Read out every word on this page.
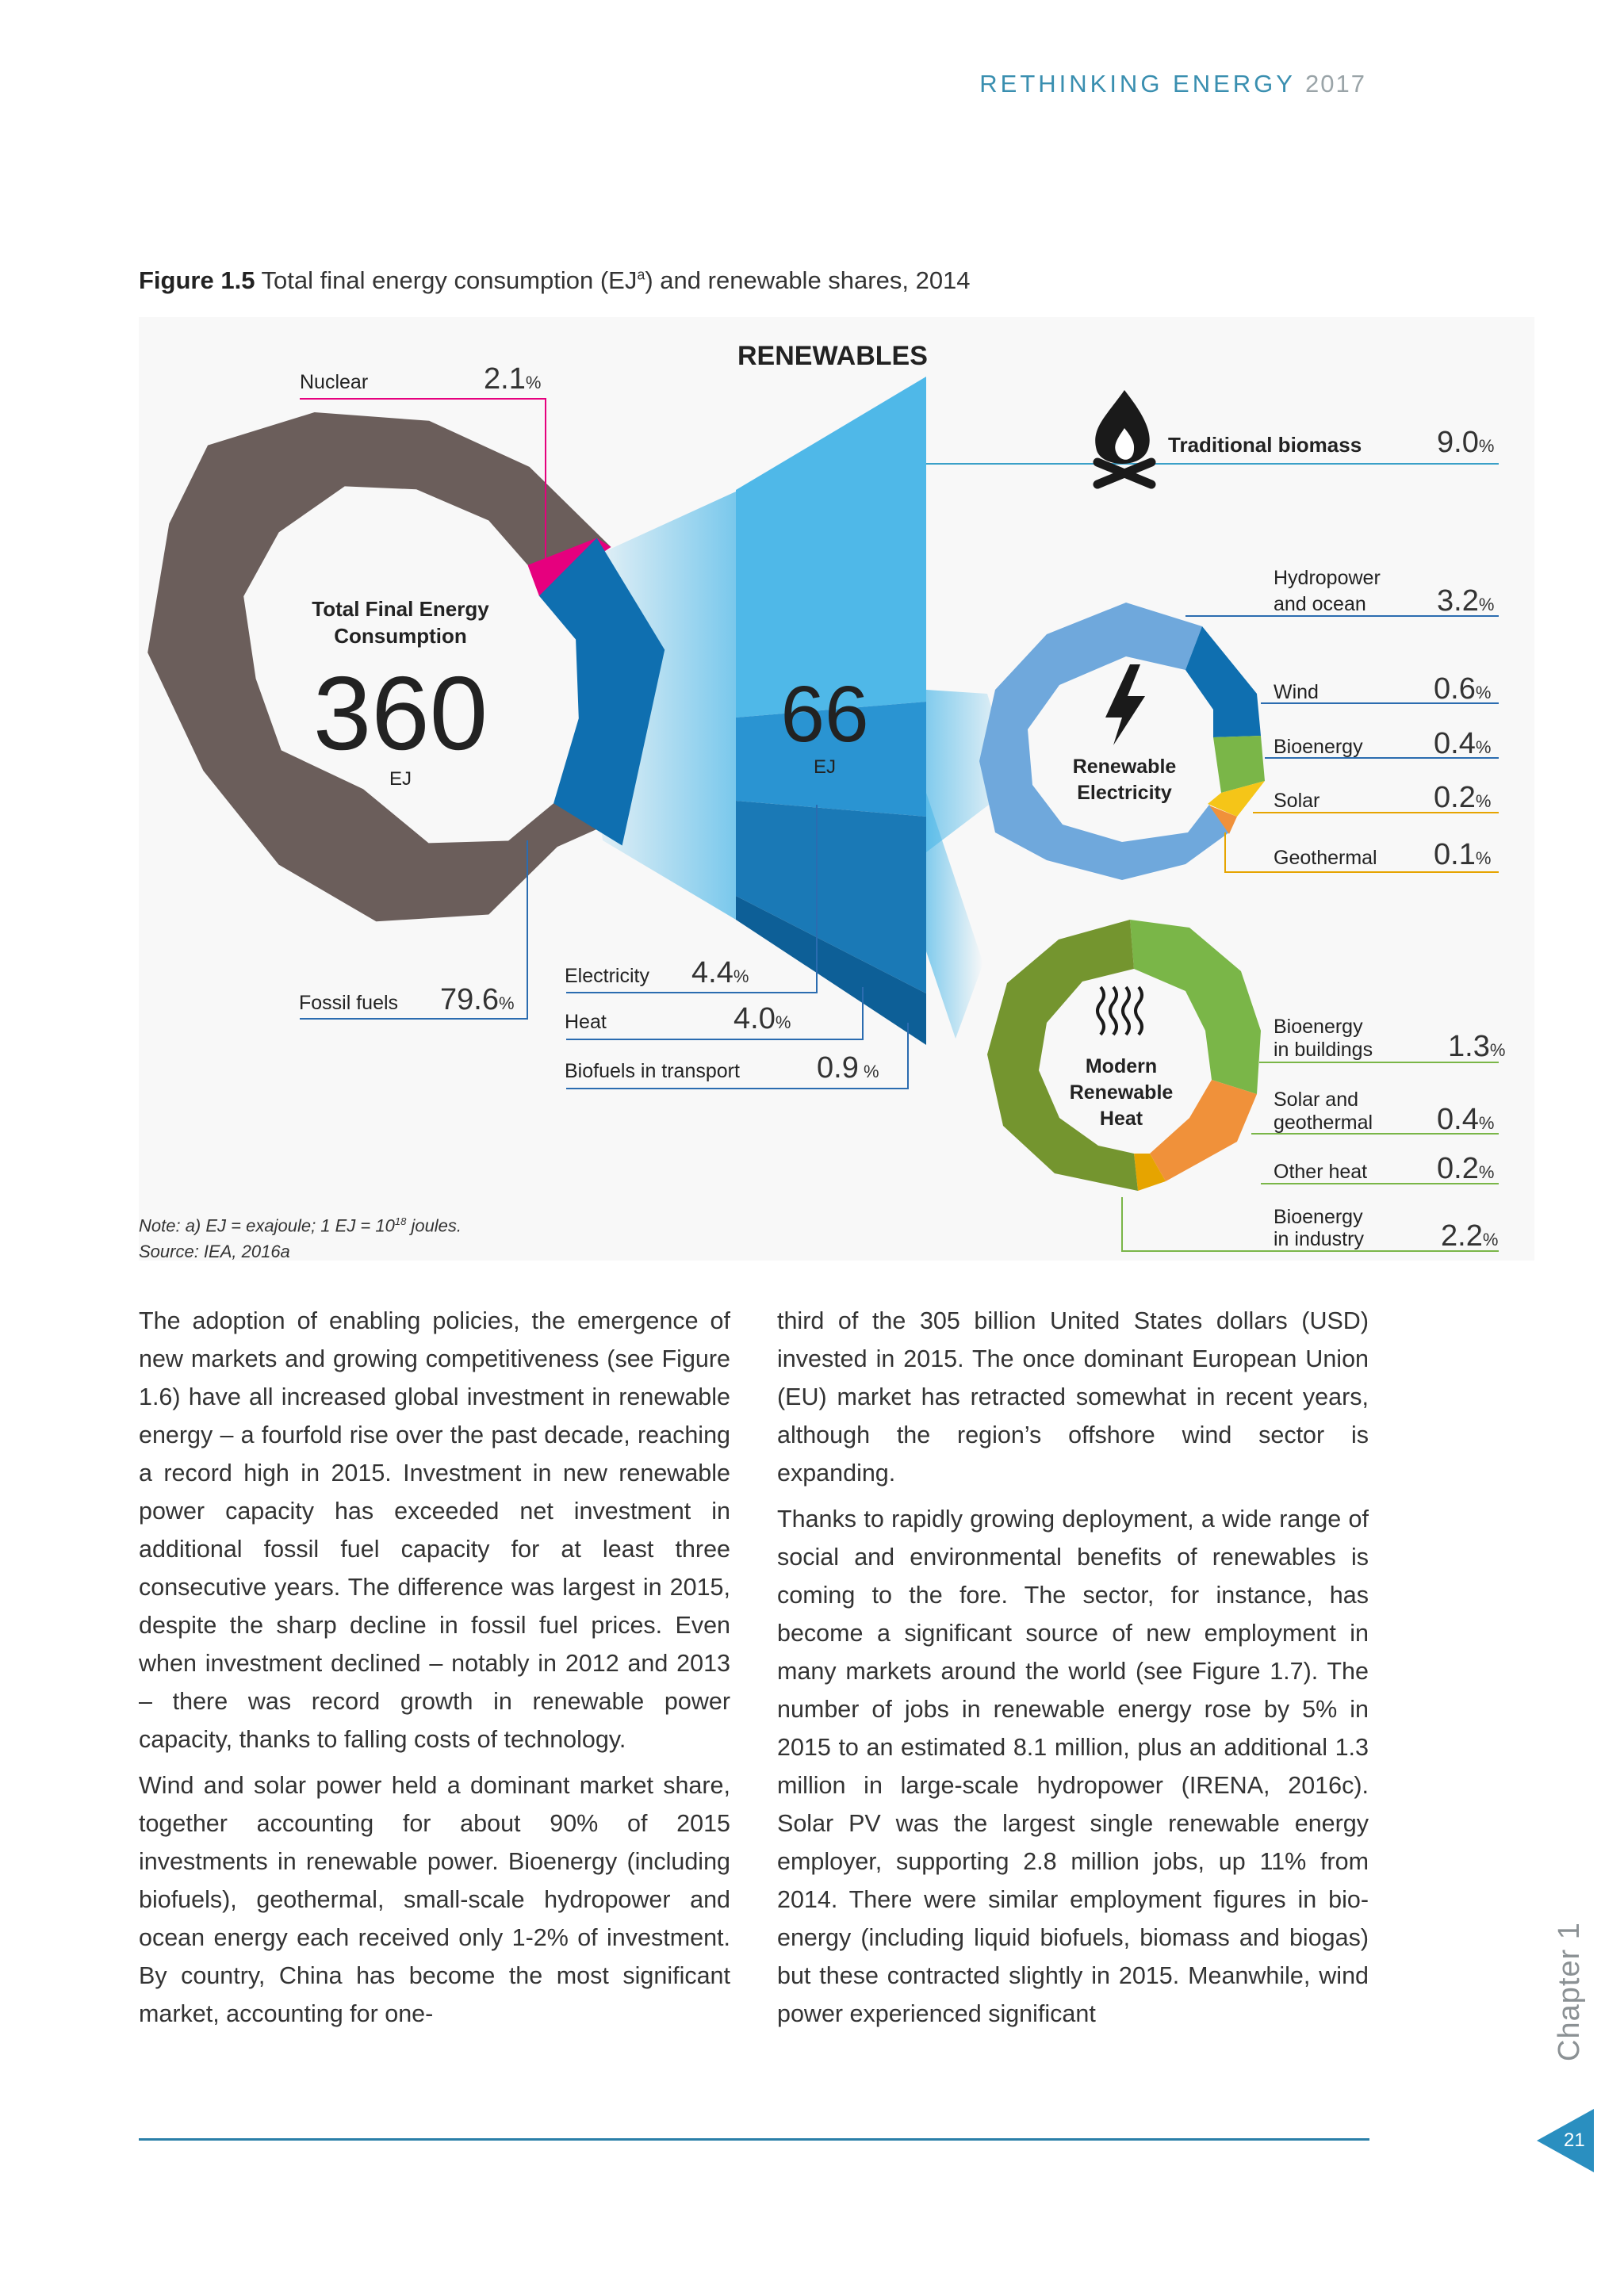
RETHINKING ENERGY 2017
Figure 1.5 Total final energy consumption $(EJ^a)$ and renewable shares, 2014
RENEWABLES
Total Final Energy
Consumption
360
EJ
66
EJ
Nuclear	2.1%
Fossil fuels 79.6%
Electricity 4.4%
Heat	4.0%
Biofuels in transport	0.9 %
Traditional biomass 9.0%
Renewable
Electricity
Modern
Renewable
Heat
Hydropower
and ocean 3.2%
Wind	0.6%
Bioenergy 0.4%
Solar	0.2%
Geothermal 0.1%
Bioenergy
in buildings 1.3%
Solar and
geothermal 0.4%
Other heat 0.2%
Bioenergy
in industry	2.2%
Note: a) EJ = exajoule; 1 EJ = $10^{18}$ joules.
Source: IEA, 2016a

The adoption of enabling policies, the emergence of new markets and growing competitiveness (see Figure 1.6) have all increased global investment in renewable energy – a fourfold rise over the past decade, reaching a record high in 2015. Investment in new renewable power capacity has exceeded net investment in additional fossil fuel capacity for at least three consecutive years. The difference was largest in 2015, despite the sharp decline in fossil fuel prices. Even when investment declined – notably in 2012 and 2013 – there was record growth in renewable power capacity, thanks to falling costs of technology.

Wind and solar power held a dominant market share, together accounting for about 90% of 2015 investments in renewable power. Bioenergy (including biofuels), geothermal, small-scale hydropower and ocean energy each received only 1-2% of investment. By country, China has become the most significant market, accounting for one-

third of the 305 billion United States dollars (USD) invested in 2015. The once dominant European Union (EU) market has retracted somewhat in recent years, although the region’s offshore wind sector is expanding.

Thanks to rapidly growing deployment, a wide range of social and environmental benefits of renewables is coming to the fore. The sector, for instance, has become a significant source of new employment in many markets around the world (see Figure 1.7). The number of jobs in renewable energy rose by 5% in 2015 to an estimated 8.1 million, plus an additional 1.3 million in large-scale hydropower (IRENA, 2016c). Solar PV was the largest single renewable energy employer, supporting 2.8 million jobs, up 11% from 2014. There were similar employment figures in bio-energy (including liquid biofuels, biomass and biogas) but these contracted slightly in 2015. Meanwhile, wind power experienced significant	Chapter 1
21
